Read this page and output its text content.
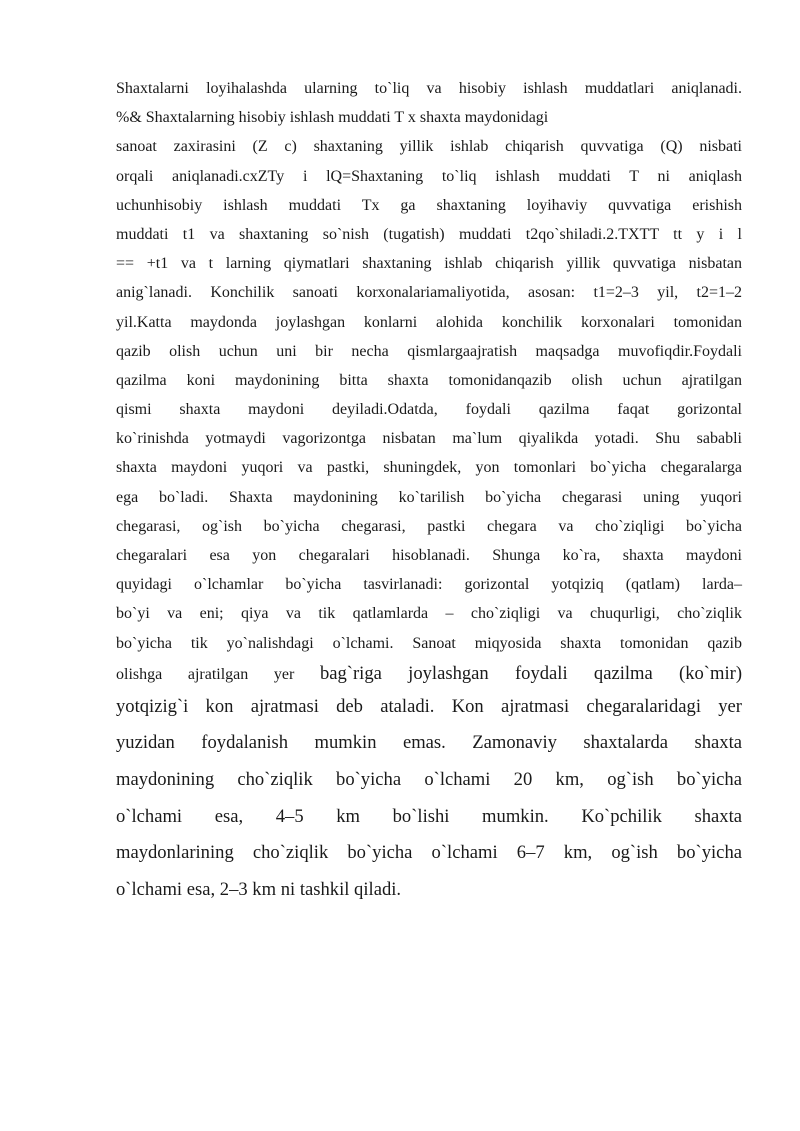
Shaxtalarni loyihalashda ularning to`liq va hisobiy ishlash muddatlari aniqlanadi.
%& Shaxtalarning hisobiy ishlash muddati T x shaxta maydonidagi
sanoat zaxirasini (Z c) shaxtaning yillik ishlab chiqarish quvvatiga (Q) nisbati
orqali aniqlanadi.cxZTy i lQ=Shaxtaning to`liq ishlash muddati T ni aniqlash
uchunhisobiy ishlash muddati Tx ga shaxtaning loyihaviy quvvatiga erishish
muddati t1 va shaxtaning so`nish (tugatish) muddati t2qo`shiladi.2.TXTT tt y i l
== +t1 va t larning qiymatlari shaxtaning ishlab chiqarish yillik quvvatiga nisbatan
anig`lanadi. Konchilik sanoati korxonalariamaliyotida, asosan: t1=2–3 yil, t2=1–2
yil.Katta maydonda joylashgan konlarni alohida konchilik korxonalari tomonidan
qazib olish uchun uni bir necha qismlargaajratish maqsadga muvofiqdir.Foydali
qazilma koni maydonining bitta shaxta tomonidanqazib olish uchun ajratilgan
qismi shaxta maydoni deyiladi.Odatda, foydali qazilma faqat gorizontal
ko`rinishda yotmaydi vagorizontga nisbatan ma`lum qiyalikda yotadi. Shu sababli
shaxta maydoni yuqori va pastki, shuningdek, yon tomonlari bo`yicha chegaralarga
ega bo`ladi. Shaxta maydonining ko`tarilish bo`yicha chegarasi uning yuqori
chegarasi, og`ish bo`yicha chegarasi, pastki chegara va cho`ziqligi bo`yicha
chegaralari esa yon chegaralari hisoblanadi. Shunga ko`ra, shaxta maydoni
quyidagi o`lchamlar bo`yicha tasvirlanadi: gorizontal yotqiziq (qatlam) larda–
bo`yi va eni; qiya va tik qatlamlarda – cho`ziqligi va chuqurligi, cho`ziqlik
bo`yicha tik yo`nalishdagi o`lchami. Sanoat miqyosida shaxta tomonidan qazib
olishga ajratilgan yer bag`riga joylashgan foydali qazilma (ko`mir)
yotqizig`i kon ajratmasi deb ataladi. Kon ajratmasi chegaralaridagi yer
yuzidan foydalanish mumkin emas. Zamonaviy shaxtalarda shaxta
maydonining cho`ziqlik bo`yicha o`lchami 20 km, og`ish bo`yicha
o`lchami esa, 4–5 km bo`lishi mumkin. Ko`pchilik shaxta
maydonlarining cho`ziqlik bo`yicha o`lchami 6–7 km, og`ish bo`yicha
o`lchami esa, 2–3 km ni tashkil qiladi.
